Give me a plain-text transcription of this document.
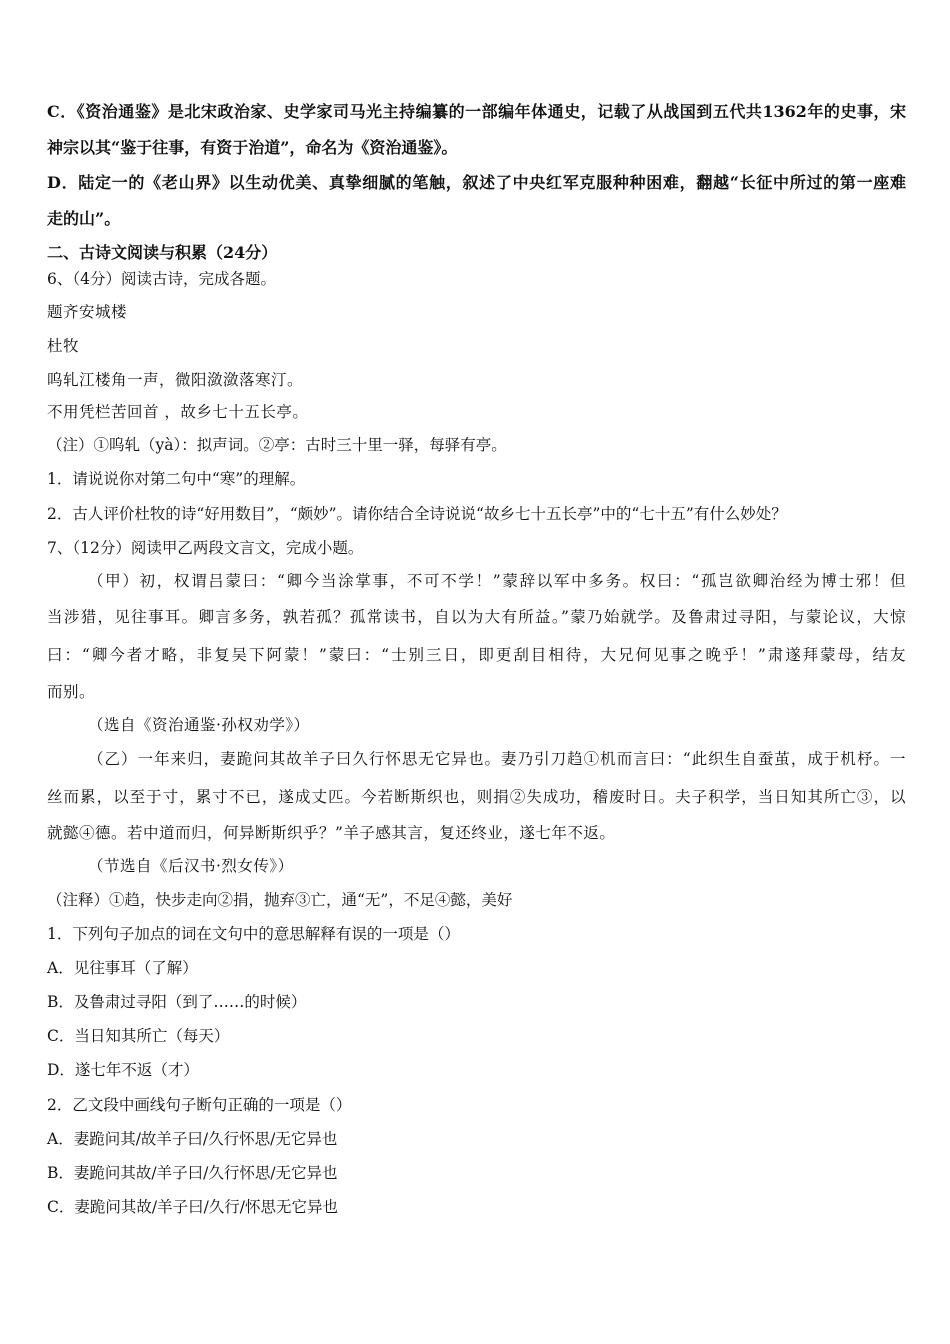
C．《资治通鉴》是北宋政治家、史学家司马光主持编纂的一部编年体通史，记载了从战国到五代共1362年的史事，宋
神宗以其“鉴于往事，有资于治道”，命名为《资治通鉴》。
D．陆定一的《老山界》以生动优美、真挚细腻的笔触，叙述了中央红军克服种种困难，翻越“长征中所过的第一座难
走的山”。
二、古诗文阅读与积累（24分）
6、（4分）阅读古诗，完成各题。
题齐安城楼
杜牧
呜轧江楼角一声，微阳潋潋落寒汀。
不用凭栏苦回首 ，故乡七十五长亭。
（注）①呜轧（yà）：拟声词。②亭：古时三十里一驿，每驿有亭。
1．请说说你对第二句中“寒”的理解。
2．古人评价杜牧的诗“好用数目”，“颇妙”。请你结合全诗说说“故乡七十五长亭”中的“七十五”有什么妙处？
7、（12分）阅读甲乙两段文言文，完成小题。
（甲）初，权谓吕蒙曰：“卿今当涂掌事，不可不学！”蒙辞以军中多务。权曰：“孤岂欲卿治经为博士邪！但
当涉猎，见往事耳。卿言多务，孰若孤？孤常读书，自以为大有所益。”蒙乃始就学。及鲁肃过寻阳，与蒙论议，大惊
曰：“卿今者才略，非复吴下阿蒙！”蒙曰：“士别三日，即更刮目相待，大兄何见事之晚乎！”肃遂拜蒙母，结友
而别。
（选自《资治通鉴·孙权劝学》）
（乙）一年来归，妻跪问其故羊子曰久行怀思无它异也。妻乃引刀趋①机而言曰：“此织生自蚕茧，成于机杼。一
丝而累，以至于寸，累寸不已，遂成丈匹。今若断斯织也，则捐②失成功，稽废时日。夫子积学，当日知其所亡③，以
就懿④德。若中道而归，何异断斯织乎？”羊子感其言，复还终业，遂七年不返。
（节选自《后汉书·烈女传》）
（注释）①趋，快步走向②捐，抛弃③亡，通“无”，不足④懿，美好
1．下列句子加点的词在文句中的意思解释有误的一项是（）
A．见往事耳（了解）
B．及鲁肃过寻阳（到了……的时候）
C．当日知其所亡（每天）
D．遂七年不返（才）
2．乙文段中画线句子断句正确的一项是（）
A．妻跪问其/故羊子曰/久行怀思/无它异也
B．妻跪问其故/羊子曰/久行怀思/无它异也
C．妻跪问其故/羊子曰/久行/怀思无它异也
